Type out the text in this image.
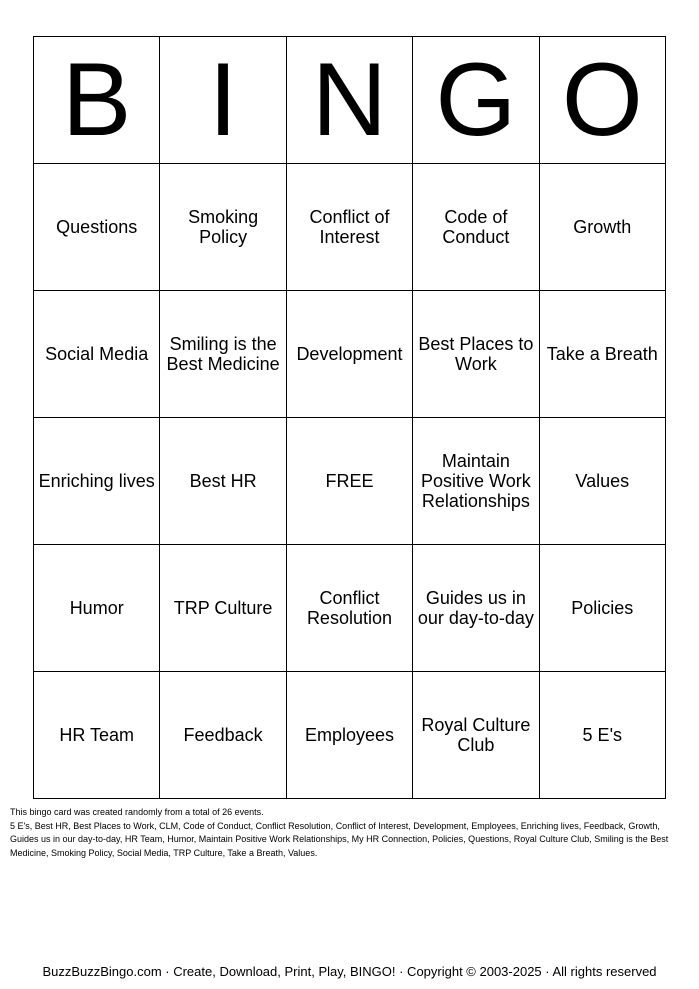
B	I	N	G	O
Questions	Smoking Policy	Conflict of Interest	Code of Conduct	Growth
Social Media	Smiling is the Best Medicine	Development	Best Places to Work	Take a Breath
Enriching lives	Best HR	FREE	Maintain Positive Work Relationships	Values
Humor	TRP Culture	Conflict Resolution	Guides us in our day-to-day	Policies
HR Team	Feedback	Employees	Royal Culture Club	5 E's
This bingo card was created randomly from a total of 26 events.
5 E's, Best HR, Best Places to Work, CLM, Code of Conduct, Conflict Resolution, Conflict of Interest, Development, Employees, Enriching lives, Feedback, Growth, Guides us in our day-to-day, HR Team, Humor, Maintain Positive Work Relationships, My HR Connection, Policies, Questions, Royal Culture Club, Smiling is the Best Medicine, Smoking Policy, Social Media, TRP Culture, Take a Breath, Values.
BuzzBuzzBingo.com · Create, Download, Print, Play, BINGO! · Copyright © 2003-2025 · All rights reserved
